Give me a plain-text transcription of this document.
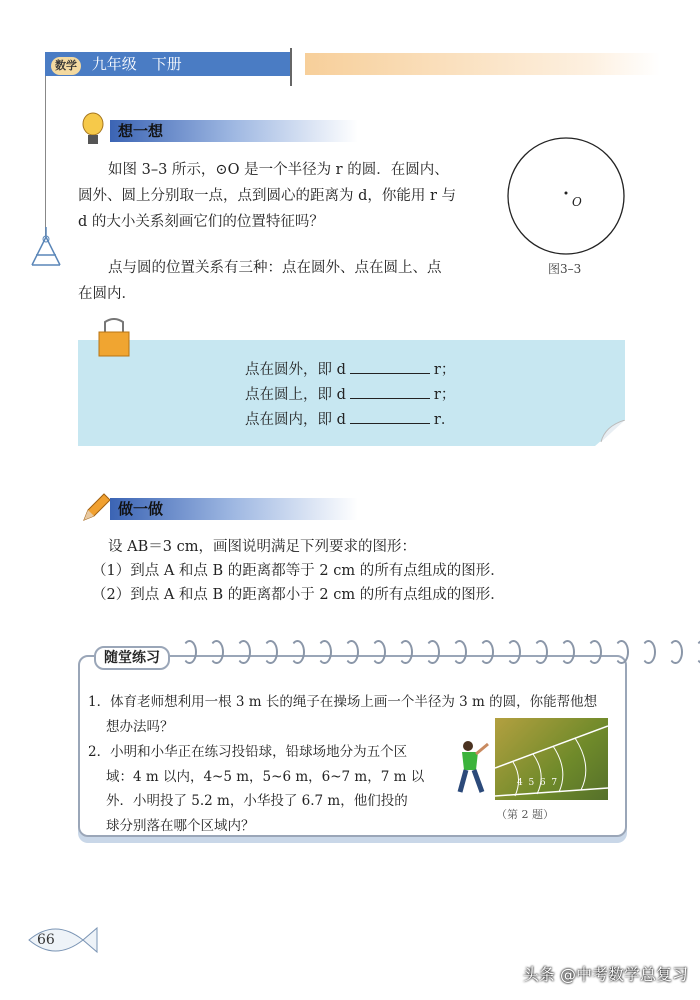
数学 九年级　下册
想一想
如图 3–3 所示，⊙O 是一个半径为 r 的圆．在圆内、
圆外、圆上分别取一点，点到圆心的距离为 d，你能用 r 与
d 的大小关系刻画它们的位置特征吗？
点与圆的位置关系有三种：点在圆外、点在圆上、点
在圆内．
O
图3–3
点在圆外，即 d	r；
点在圆上，即 d	r；
点在圆内，即 d	r．
做一做
设 AB＝3 cm，画图说明满足下列要求的图形：
（1）到点 A 和点 B 的距离都等于 2 cm 的所有点组成的图形．
（2）到点 A 和点 B 的距离都小于 2 cm 的所有点组成的图形．
随堂练习
1．体育老师想利用一根 3 m 长的绳子在操场上画一个半径为 3 m 的圆，你能帮他想
想办法吗？
2．小明和小华正在练习投铅球，铅球场地分为五个区
域：4 m 以内，4~5 m，5~6 m，6~7 m，7 m 以
外．小明投了 5.2 m，小华投了 6.7 m，他们投的
球分别落在哪个区域内？
4  5  6  7
（第 2 题）
66
头条 @中考数学总复习
